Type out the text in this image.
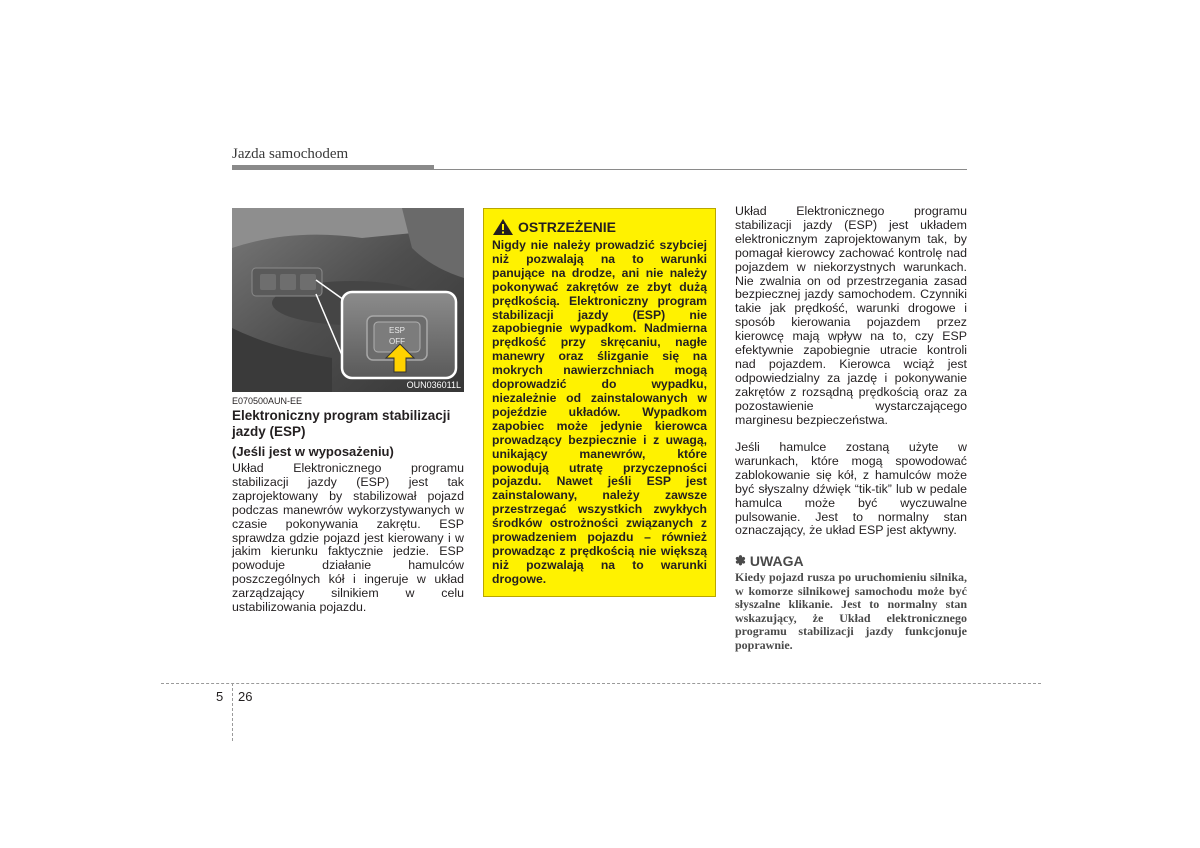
Jazda samochodem
ESP
OFF
OUN036011L
E070500AUN-EE
Elektroniczny program stabilizacji jazdy (ESP)
(Jeśli jest w wyposażeniu)
Układ Elektronicznego programu stabilizacji jazdy (ESP) jest tak zaprojektowany by stabilizował pojazd podczas manewrów wykorzystywanych w czasie pokonywania zakrętu. ESP sprawdza gdzie pojazd jest kierowany i w jakim kierunku faktycznie jedzie. ESP powoduje działanie hamulców poszczególnych kół i ingeruje w układ zarządzający silnikiem w celu ustabilizowania pojazdu.
OSTRZEŻENIE
Nigdy nie należy prowadzić szybciej niż pozwalają na to warunki panujące na drodze, ani nie należy pokonywać zakrętów ze zbyt dużą prędkością. Elektroniczny program stabilizacji jazdy (ESP) nie zapobiegnie wypadkom. Nadmierna prędkość przy skręcaniu, nagłe manewry oraz ślizganie się na mokrych nawierzchniach mogą doprowadzić do wypadku, niezależnie od zainstalowanych w pojeździe układów. Wypadkom zapobiec może jedynie kierowca prowadzący bezpiecznie i z uwagą, unikający manewrów, które powodują utratę przyczepności pojazdu. Nawet jeśli ESP jest zainstalowany, należy zawsze przestrzegać wszystkich zwykłych środków ostrożności związanych z prowadzeniem pojazdu – również prowadząc z prędkością nie większą niż pozwalają na to warunki drogowe.
Układ Elektronicznego programu stabilizacji jazdy (ESP) jest układem elektronicznym zaprojektowanym tak, by pomagał kierowcy zachować kontrolę nad pojazdem w niekorzystnych warunkach. Nie zwalnia on od przestrzegania zasad bezpiecznej jazdy samochodem. Czynniki takie jak prędkość, warunki drogowe i sposób kierowania pojazdem przez kierowcę mają wpływ na to, czy ESP efektywnie zapobiegnie utracie kontroli nad pojazdem. Kierowca wciąż jest odpowiedzialny za jazdę i pokonywanie zakrętów z rozsądną prędkością oraz za pozostawienie wystarczającego marginesu bezpieczeństwa.
Jeśli hamulce zostaną użyte w warunkach, które mogą spowodować zablokowanie się kół, z hamulców może być słyszalny dźwięk “tik-tik” lub w pedale hamulca może być wyczuwalne pulsowanie. Jest to normalny stan oznaczający, że układ ESP jest aktywny.
✽ UWAGA
Kiedy pojazd rusza po uruchomieniu silnika, w komorze silnikowej samochodu może być słyszalne klikanie. Jest to normalny stan wskazujący, że Układ elektronicznego programu stabilizacji jazdy funkcjonuje poprawnie.
5 26
